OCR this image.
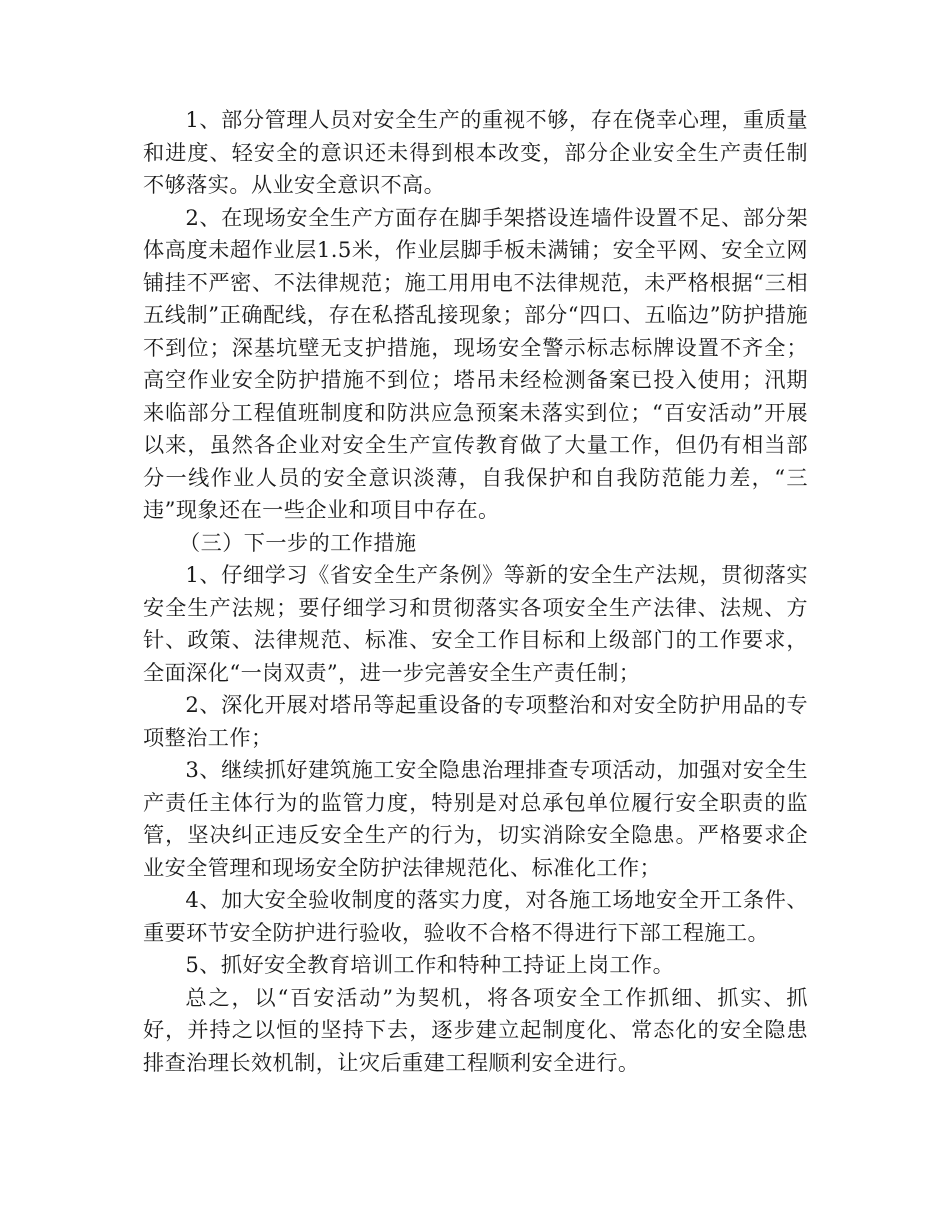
1、部分管理人员对安全生产的重视不够，存在侥幸心理，重质量和进度、轻安全的意识还未得到根本改变，部分企业安全生产责任制不够落实。从业安全意识不高。

2、在现场安全生产方面存在脚手架搭设连墙件设置不足、部分架体高度未超作业层1.5米，作业层脚手板未满铺；安全平网、安全立网铺挂不严密、不法律规范；施工用用电不法律规范，未严格根据“三相五线制”正确配线，存在私搭乱接现象；部分“四口、五临边”防护措施不到位；深基坑壁无支护措施，现场安全警示标志标牌设置不齐全；高空作业安全防护措施不到位；塔吊未经检测备案已投入使用；汛期来临部分工程值班制度和防洪应急预案未落实到位；“百安活动”开展以来，虽然各企业对安全生产宣传教育做了大量工作，但仍有相当部分一线作业人员的安全意识淡薄，自我保护和自我防范能力差，“三违”现象还在一些企业和项目中存在。

（三）下一步的工作措施

1、仔细学习《省安全生产条例》等新的安全生产法规，贯彻落实安全生产法规；要仔细学习和贯彻落实各项安全生产法律、法规、方针、政策、法律规范、标准、安全工作目标和上级部门的工作要求，全面深化“一岗双责”，进一步完善安全生产责任制；

2、深化开展对塔吊等起重设备的专项整治和对安全防护用品的专项整治工作；

3、继续抓好建筑施工安全隐患治理排查专项活动，加强对安全生产责任主体行为的监管力度，特别是对总承包单位履行安全职责的监管，坚决纠正违反安全生产的行为，切实消除安全隐患。严格要求企业安全管理和现场安全防护法律规范化、标准化工作；

4、加大安全验收制度的落实力度，对各施工场地安全开工条件、重要环节安全防护进行验收，验收不合格不得进行下部工程施工。

5、抓好安全教育培训工作和特种工持证上岗工作。

总之，以“百安活动”为契机，将各项安全工作抓细、抓实、抓好，并持之以恒的坚持下去，逐步建立起制度化、常态化的安全隐患排查治理长效机制，让灾后重建工程顺利安全进行。
